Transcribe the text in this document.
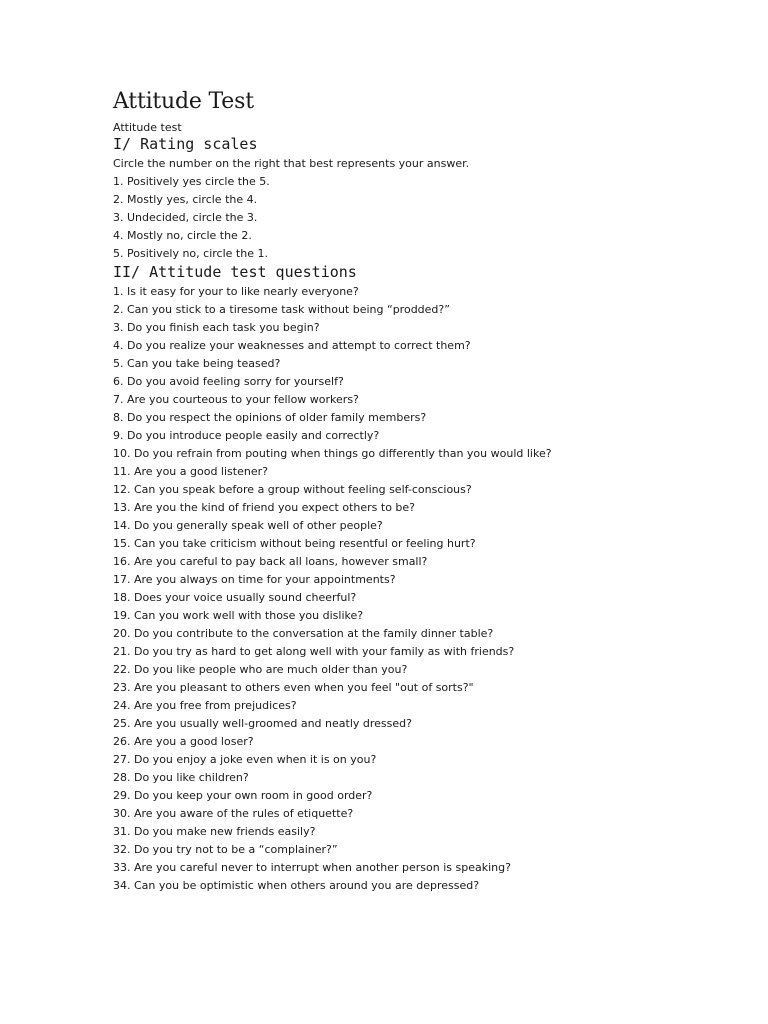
Attitude Test
Attitude test
I/ Rating scales
Circle the number on the right that best represents your answer.
1. Positively yes circle the 5.
2. Mostly yes, circle the 4.
3. Undecided, circle the 3.
4. Mostly no, circle the 2.
5. Positively no, circle the 1.
II/ Attitude test questions
1. Is it easy for your to like nearly everyone?
2. Can you stick to a tiresome task without being “prodded?”
3. Do you finish each task you begin?
4. Do you realize your weaknesses and attempt to correct them?
5. Can you take being teased?
6. Do you avoid feeling sorry for yourself?
7. Are you courteous to your fellow workers?
8. Do you respect the opinions of older family members?
9. Do you introduce people easily and correctly?
10. Do you refrain from pouting when things go differently than you would like?
11. Are you a good listener?
12. Can you speak before a group without feeling self-conscious?
13. Are you the kind of friend you expect others to be?
14. Do you generally speak well of other people?
15. Can you take criticism without being resentful or feeling hurt?
16. Are you careful to pay back all loans, however small?
17. Are you always on time for your appointments?
18. Does your voice usually sound cheerful?
19. Can you work well with those you dislike?
20. Do you contribute to the conversation at the family dinner table?
21. Do you try as hard to get along well with your family as with friends?
22. Do you like people who are much older than you?
23. Are you pleasant to others even when you feel "out of sorts?"
24. Are you free from prejudices?
25. Are you usually well-groomed and neatly dressed?
26. Are you a good loser?
27. Do you enjoy a joke even when it is on you?
28. Do you like children?
29. Do you keep your own room in good order?
30. Are you aware of the rules of etiquette?
31. Do you make new friends easily?
32. Do you try not to be a “complainer?”
33. Are you careful never to interrupt when another person is speaking?
34. Can you be optimistic when others around you are depressed?
